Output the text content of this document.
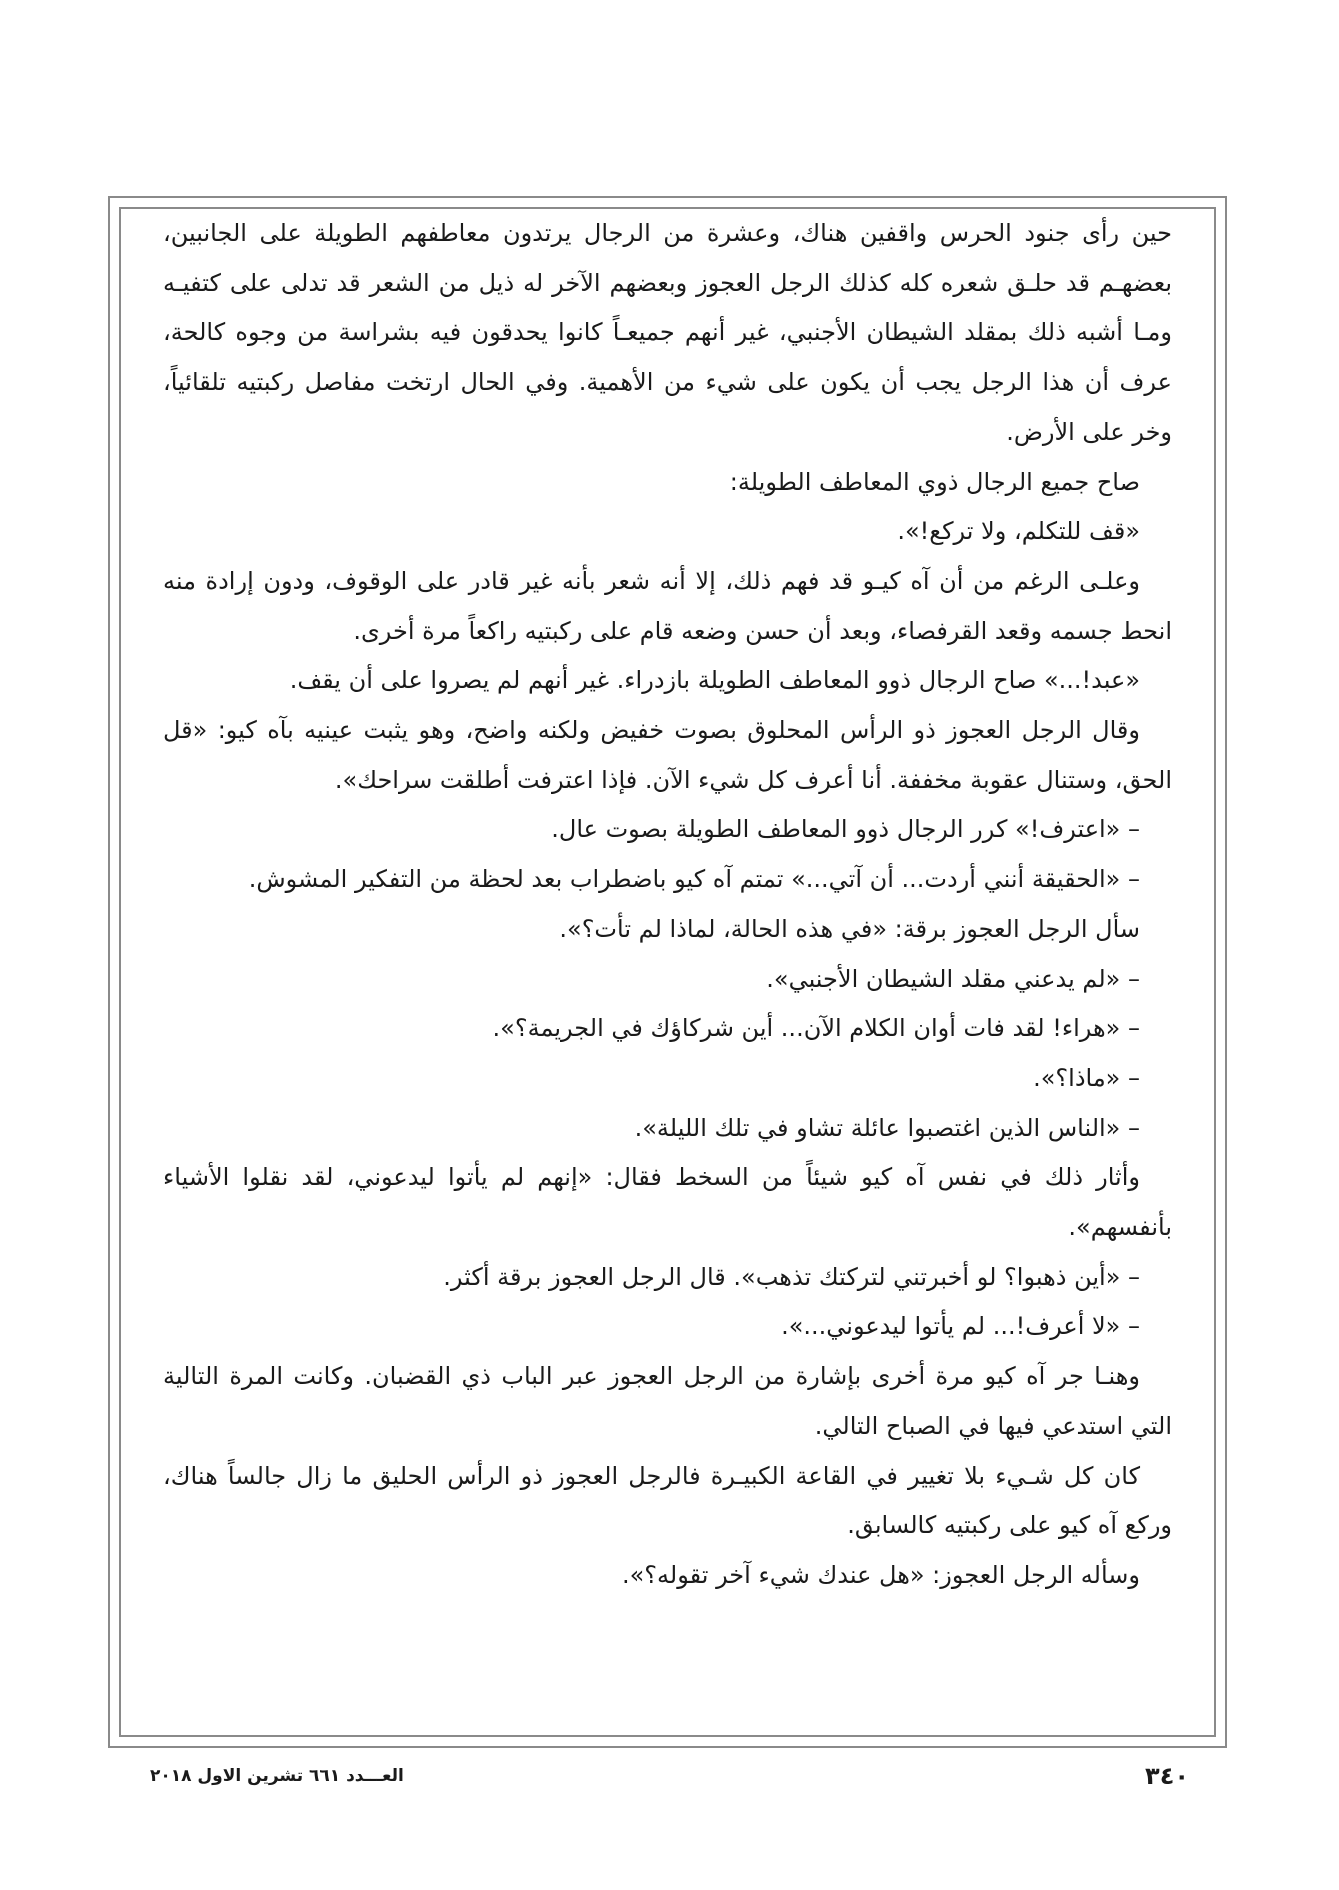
حين رأى جنود الحرس واقفين هناك، وعشرة من الرجال يرتدون معاطفهم الطويلة على الجانبين، بعضهـم قد حلـق شعره كله كذلك الرجل العجوز وبعضهم الآخر له ذيل من الشعر قد تدلى على كتفيـه ومـا أشبه ذلك بمقلد الشيطان الأجنبي، غير أنهم جميعـاً كانوا يحدقون فيه بشراسة من وجوه كالحة، عرف أن هذا الرجل يجب أن يكون على شيء من الأهمية. وفي الحال ارتخت مفاصل ركبتيه تلقائياً، وخر على الأرض.

صاح جميع الرجال ذوي المعاطف الطويلة:

«قف للتكلم، ولا تركع!».

وعلـى الرغم من أن آه كيـو قد فهم ذلك، إلا أنه شعر بأنه غير قادر على الوقوف، ودون إرادة منه انحط جسمه وقعد القرفصاء، وبعد أن حسن وضعه قام على ركبتيه راكعاً مرة أخرى.

«عبد!...» صاح الرجال ذوو المعاطف الطويلة بازدراء. غير أنهم لم يصروا على أن يقف.

وقال الرجل العجوز ذو الرأس المحلوق بصوت خفيض ولكنه واضح، وهو يثبت عينيه بآه كيو: «قل الحق، وستنال عقوبة مخففة. أنا أعرف كل شيء الآن. فإذا اعترفت أطلقت سراحك».

– «اعترف!» كرر الرجال ذوو المعاطف الطويلة بصوت عال.

– «الحقيقة أنني أردت... أن آتي...» تمتم آه كيو باضطراب بعد لحظة من التفكير المشوش.

سأل الرجل العجوز برقة: «في هذه الحالة، لماذا لم تأت؟».

– «لم يدعني مقلد الشيطان الأجنبي».

– «هراء! لقد فات أوان الكلام الآن... أين شركاؤك في الجريمة؟».

– «ماذا؟».

– «الناس الذين اغتصبوا عائلة تشاو في تلك الليلة».

وأثار ذلك في نفس آه كيو شيئاً من السخط فقال: «إنهم لم يأتوا ليدعوني، لقد نقلوا الأشياء بأنفسهم».

– «أين ذهبوا؟ لو أخبرتني لتركتك تذهب». قال الرجل العجوز برقة أكثر.

– «لا أعرف!... لم يأتوا ليدعوني...».

وهنـا جر آه كيو مرة أخرى بإشارة من الرجل العجوز عبر الباب ذي القضبان. وكانت المرة التالية التي استدعي فيها في الصباح التالي.

كان كل شـيء بلا تغيير في القاعة الكبيـرة فالرجل العجوز ذو الرأس الحليق ما زال جالساً هناك، وركع آه كيو على ركبتيه كالسابق.

وسأله الرجل العجوز: «هل عندك شيء آخر تقوله؟».

٣٤٠
العـــدد ٦٦١ تشرين الاول ٢٠١٨
